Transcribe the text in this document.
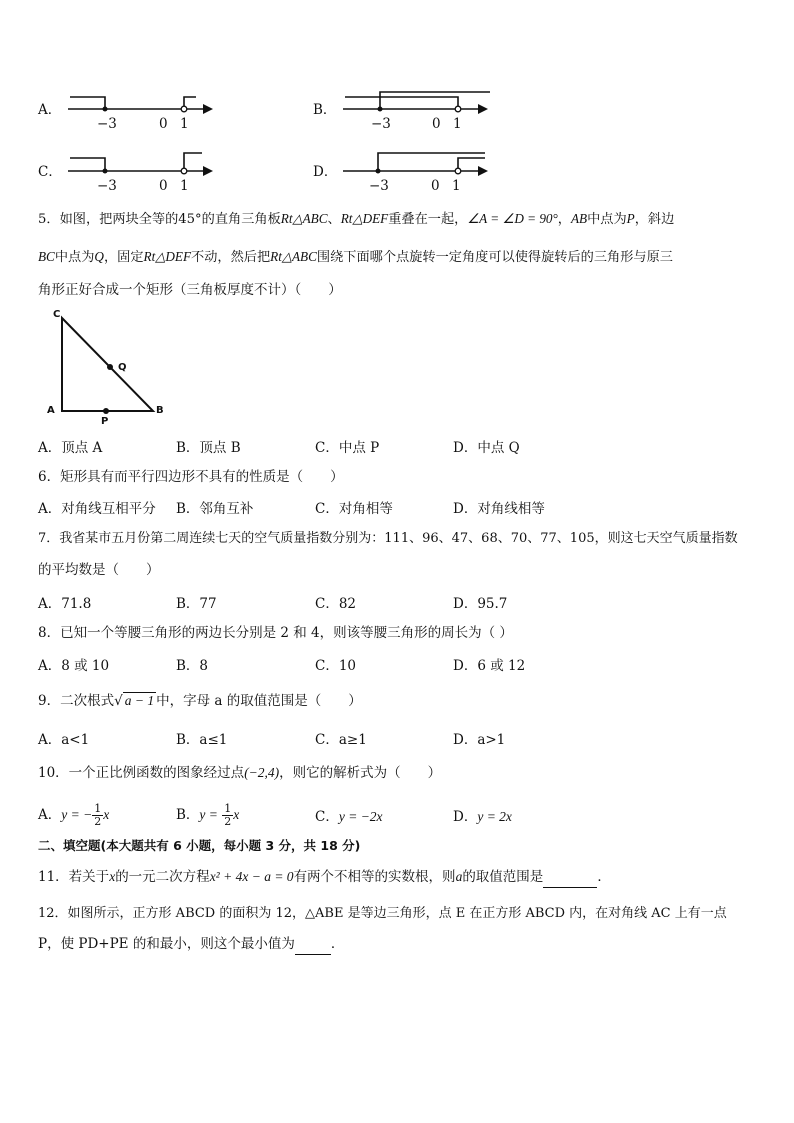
A．
−3	0 1
B．
−3	0 1
C．
−3	0 1
D．
−3	0 1
5．如图，把两块全等的45°的直角三角板Rt△ABC、Rt△DEF重叠在一起，∠A = ∠D = 90°，AB中点为P，斜边
BC中点为Q，固定Rt△DEF不动，然后把Rt△ABC围绕下面哪个点旋转一定角度可以使得旋转后的三角形与原三
角形正好合成一个矩形（三角板厚度不计）（　　）
C
Q
A
P
B
A．顶点 A	B．顶点 B	C．中点 P	D．中点 Q
6．矩形具有而平行四边形不具有的性质是（　　）
A．对角线互相平分 B．邻角互补	C．对角相等	D．对角线相等
7．我省某市五月份第二周连续七天的空气质量指数分别为：111、96、47、68、70、77、105，则这七天空气质量指数
的平均数是（　　）
A．71.8	B．77	C．82	D．95.7
8．已知一个等腰三角形的两边长分别是 2 和 4，则该等腰三角形的周长为（ ）
A．8 或 10	B．8	C．10	D．6 或 12
9．二次根式√ a − 1 中，字母 a 的取值范围是（　　）
A．a<1	B．a≤1	C．a≥1	D．a>1
10．一个正比例函数的图象经过点(−2,4)，则它的解析式为（　　）
A．y = − $\frac{1}{2}$ x	B．$y = \frac{1}{2}$ x	C．y = −2x	D．y = 2x
二、填空题(本大题共有 6 小题，每小题 3 分，共 18 分)
11．若关于x的一元二次方程x² + 4x − a = 0有两个不相等的实数根，则a的取值范围是	．
12．如图所示，正方形 ABCD 的面积为 12，△ABE 是等边三角形，点 E 在正方形 ABCD 内，在对角线 AC 上有一点
P，使 PD+PE 的和最小，则这个最小值为	．
